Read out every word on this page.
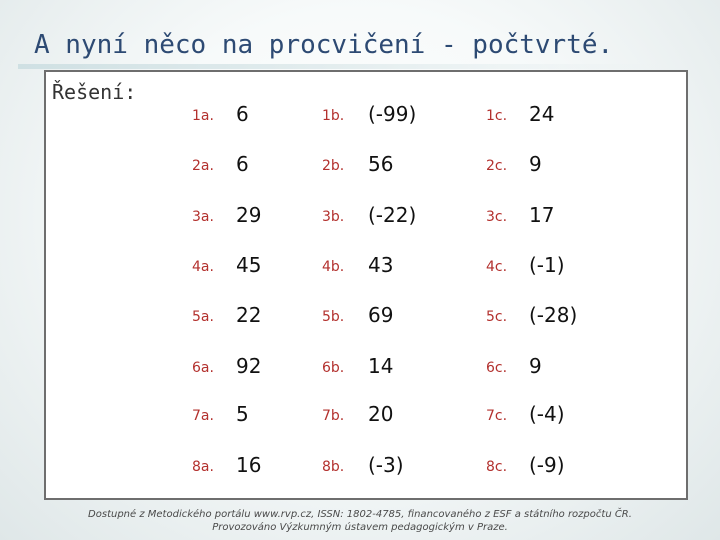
A nyní něco na procvičení - počtvrté.
Řešení:
1a. 6	1b. (-99)	1c. 24
2a. 6	2b. 56	2c. 9
3a. 29	3b. (-22)	3c. 17
4a. 45	4b. 43	4c. (-1)
5a. 22	5b. 69	5c. (-28)
6a. 92	6b. 14	6c. 9
7a. 5	7b. 20	7c. (-4)
8a. 16	8b. (-3)	8c. (-9)
Dostupné z Metodického portálu www.rvp.cz, ISSN: 1802-4785, financovaného z ESF a státního rozpočtu ČR.
Provozováno Výzkumným ústavem pedagogickým v Praze.
